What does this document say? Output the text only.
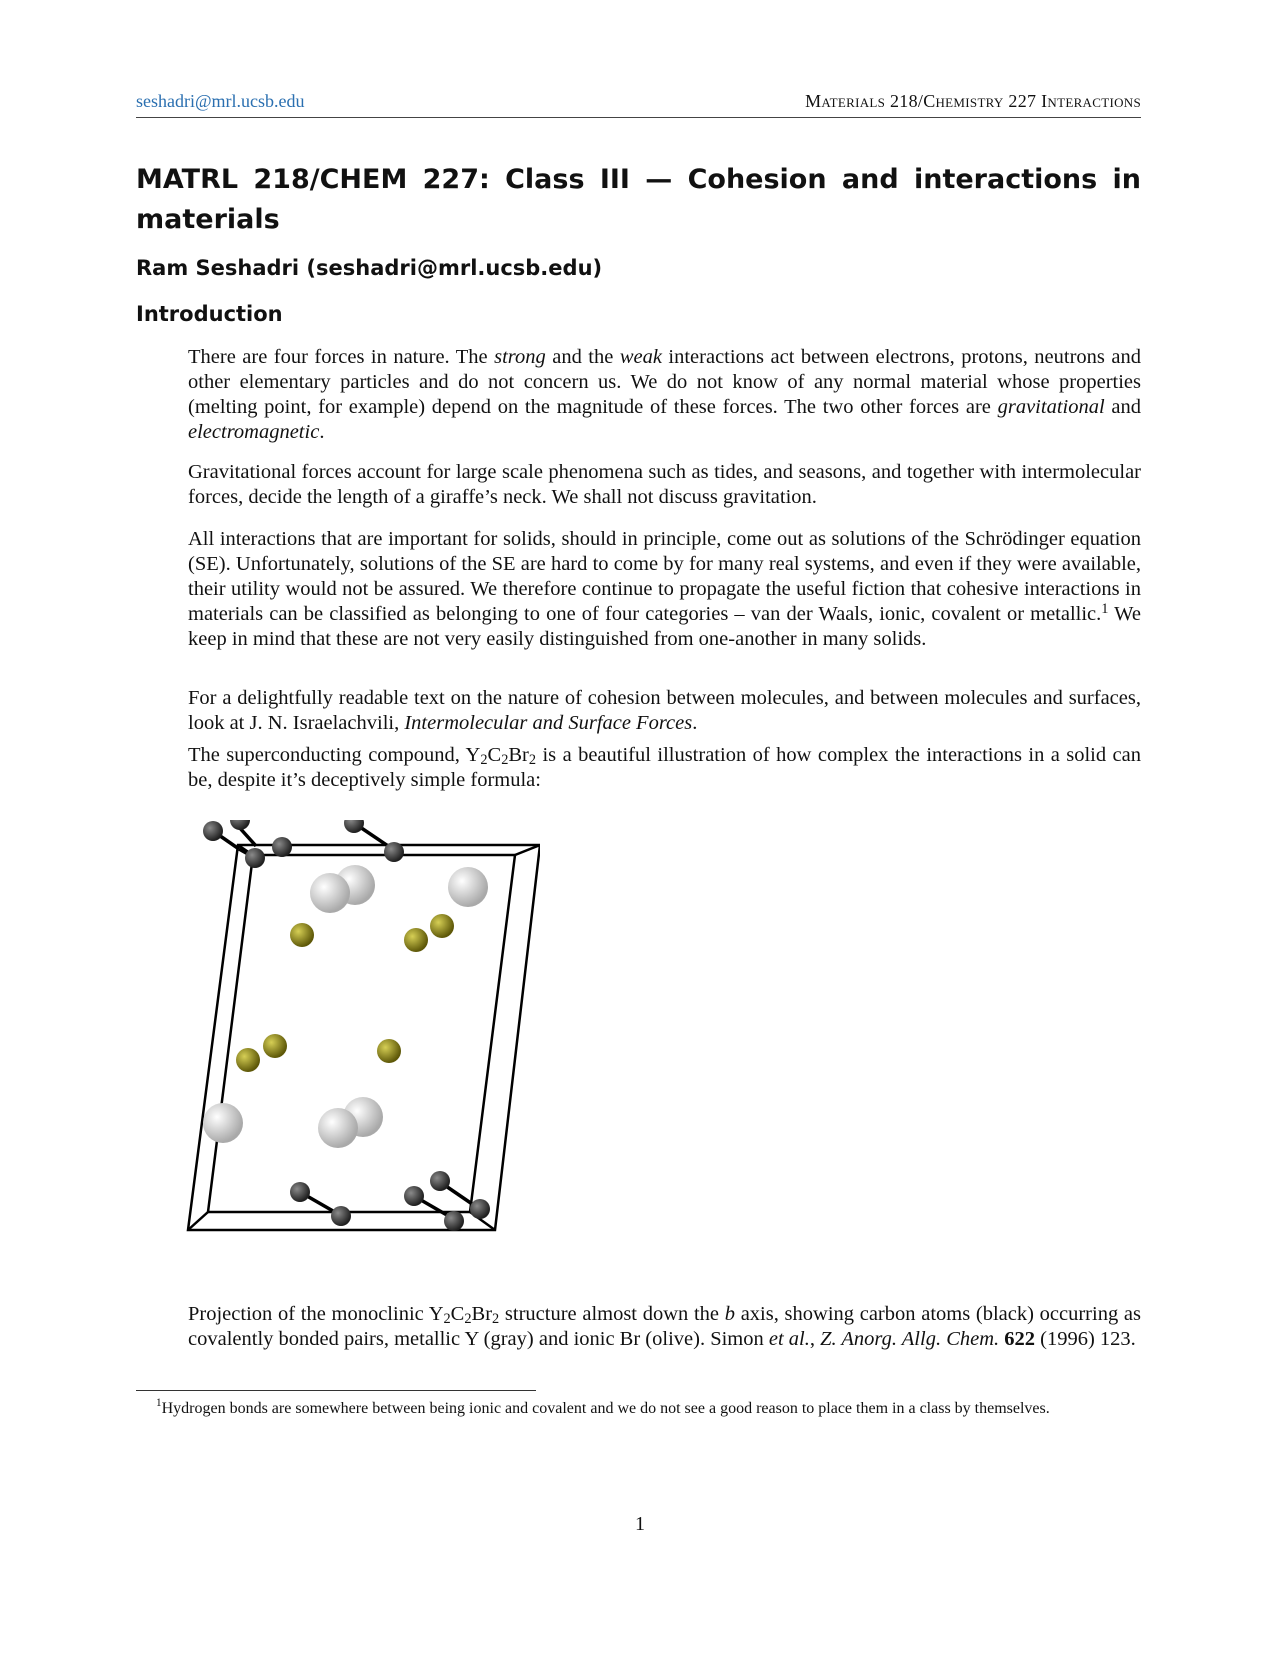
seshadri@mrl.ucsb.edu	Materials 218/Chemistry 227 Interactions
MATRL 218/CHEM 227: Class III — Cohesion and interactions in materials
Ram Seshadri (seshadri@mrl.ucsb.edu)
Introduction

There are four forces in nature. The strong and the weak interactions act between electrons, protons, neutrons and other elementary particles and do not concern us. We do not know of any normal material whose properties (melting point, for example) depend on the magnitude of these forces. The two other forces are gravitational and electromagnetic.

Gravitational forces account for large scale phenomena such as tides, and seasons, and together with intermolecular forces, decide the length of a giraffe’s neck. We shall not discuss gravitation.

All interactions that are important for solids, should in principle, come out as solutions of the Schrödinger equation (SE). Unfortunately, solutions of the SE are hard to come by for many real systems, and even if they were available, their utility would not be assured. We therefore continue to propagate the useful fiction that cohesive interactions in materials can be classified as belonging to one of four categories – van der Waals, ionic, covalent or metallic.$^1$ We keep in mind that these are not very easily distinguished from one-another in many solids.

For a delightfully readable text on the nature of cohesion between molecules, and between molecules and surfaces, look at J. N. Israelachvili, Intermolecular and Surface Forces.

The superconducting compound, $Y_2C_2Br_2$ is a beautiful illustration of how complex the interactions in a solid can be, despite it’s deceptively simple formula:

Projection of the monoclinic $Y_2C_2Br_2$ structure almost down the b axis, showing carbon atoms (black) occurring as covalently bonded pairs, metallic Y (gray) and ionic Br (olive). Simon et al., Z. Anorg. Allg. Chem. 622 (1996) 123.

$^1$Hydrogen bonds are somewhere between being ionic and covalent and we do not see a good reason to place them in a class by themselves.

1
